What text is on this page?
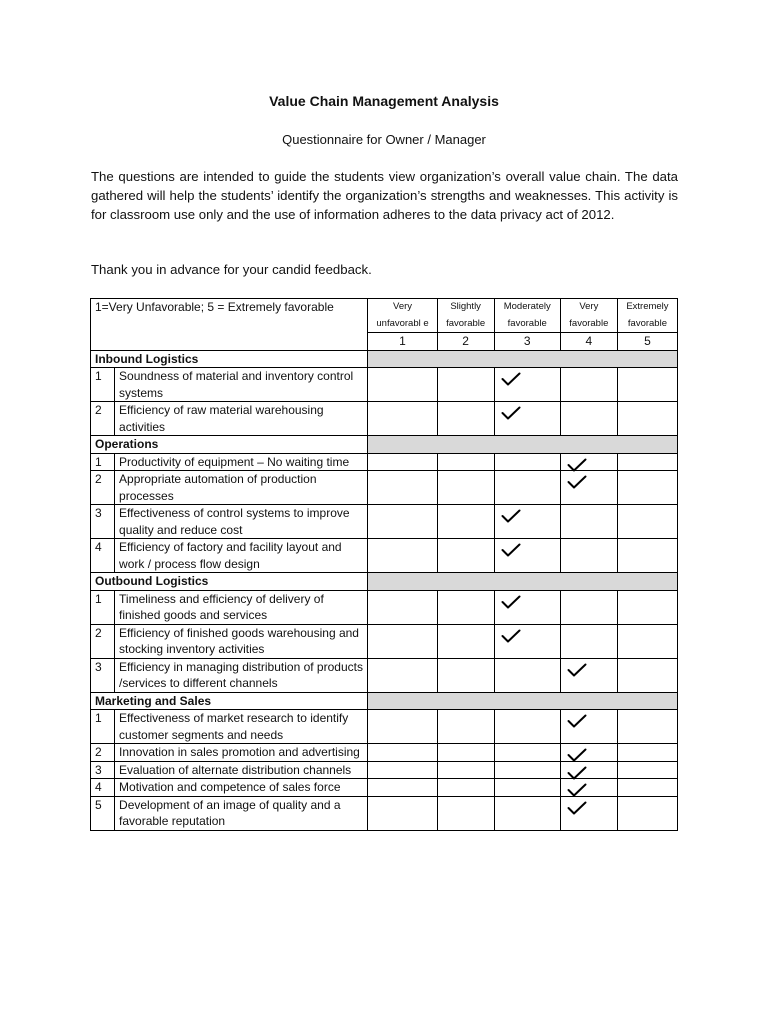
Value Chain Management Analysis
Questionnaire for Owner / Manager

The questions are intended to guide the students view organization’s overall value chain. The data gathered will help the students’ identify the organization’s strengths and weaknesses. This activity is for classroom use only and the use of information adheres to the data privacy act of 2012.

Thank you in advance for your candid feedback.

1=Very Unfavorable; 5 = Extremely favorable		Very unfavorabl e	Slightly favorable	Moderately favorable	Very favorable	Extremely favorable
		1	2	3	4	5
Inbound Logistics						
1	Soundness of material and inventory control systems			

2	Efficiency of raw material warehousing activities			

Operations						
1	Productivity of equipment – No waiting time				

2	Appropriate automation of production processes				

3	Effectiveness of control systems to improve quality and reduce cost			

4	Efficiency of factory and facility layout and work / process flow design			

Outbound Logistics						
1	Timeliness and efficiency of delivery of finished goods and services			

2	Efficiency of finished goods warehousing and stocking inventory activities			

3	Efficiency in managing distribution of products /services to different channels				

Marketing and Sales						
1	Effectiveness of market research to identify customer segments and needs				

2	Innovation in sales promotion and advertising				

3	Evaluation of alternate distribution channels				

4	Motivation and competence of sales force				

5	Development of an image of quality and a favorable reputation				
